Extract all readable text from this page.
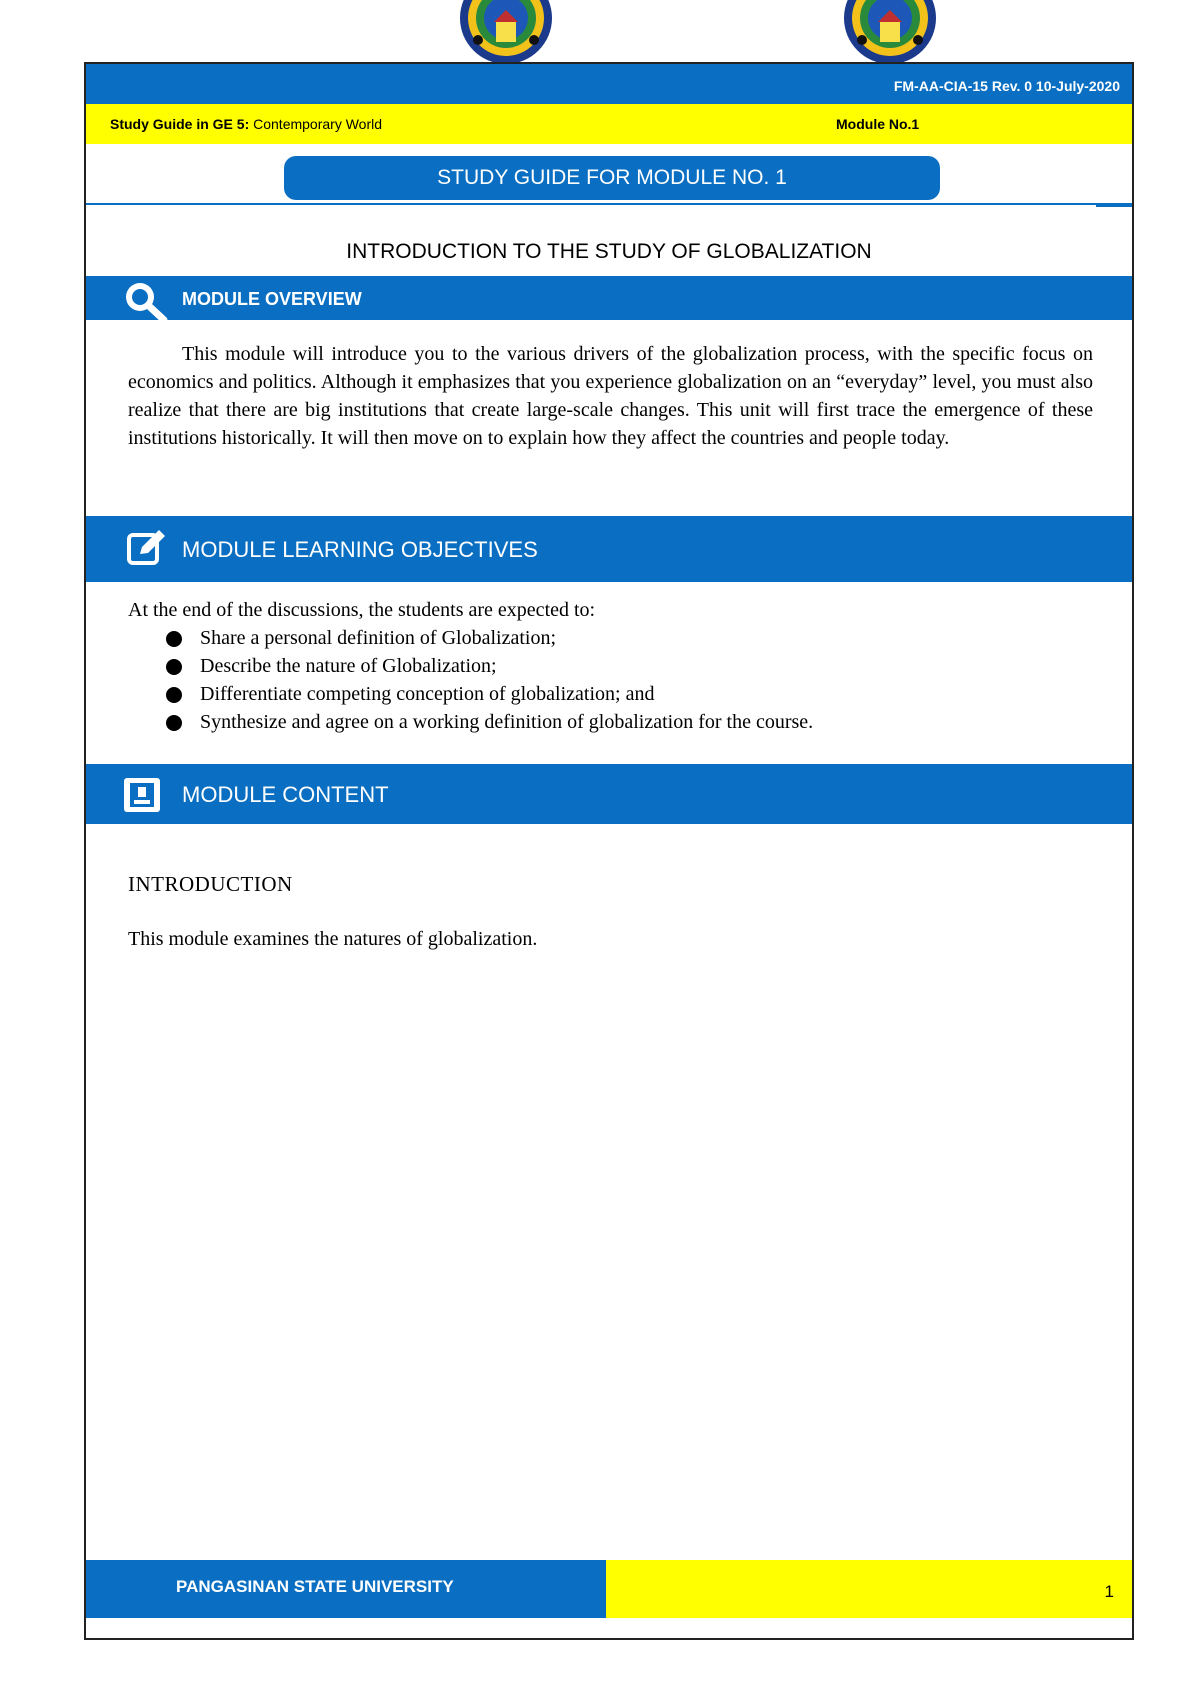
FM-AA-CIA-15 Rev. 0 10-July-2020
Study Guide in GE 5: Contemporary World	Module No.1
STUDY GUIDE FOR MODULE NO. 1
INTRODUCTION TO THE STUDY OF GLOBALIZATION
MODULE OVERVIEW
This module will introduce you to the various drivers of the globalization process, with the specific focus on economics and politics. Although it emphasizes that you experience globalization on an “everyday” level, you must also realize that there are big institutions that create large-scale changes. This unit will first trace the emergence of these institutions historically. It will then move on to explain how they affect the countries and people today.
MODULE LEARNING OBJECTIVES
At the end of the discussions, the students are expected to:
Share a personal definition of Globalization;
Describe the nature of Globalization;
Differentiate competing conception of globalization; and
Synthesize and agree on a working definition of globalization for the course.
MODULE CONTENT
INTRODUCTION
This module examines the natures of globalization.
PANGASINAN STATE UNIVERSITY	1
